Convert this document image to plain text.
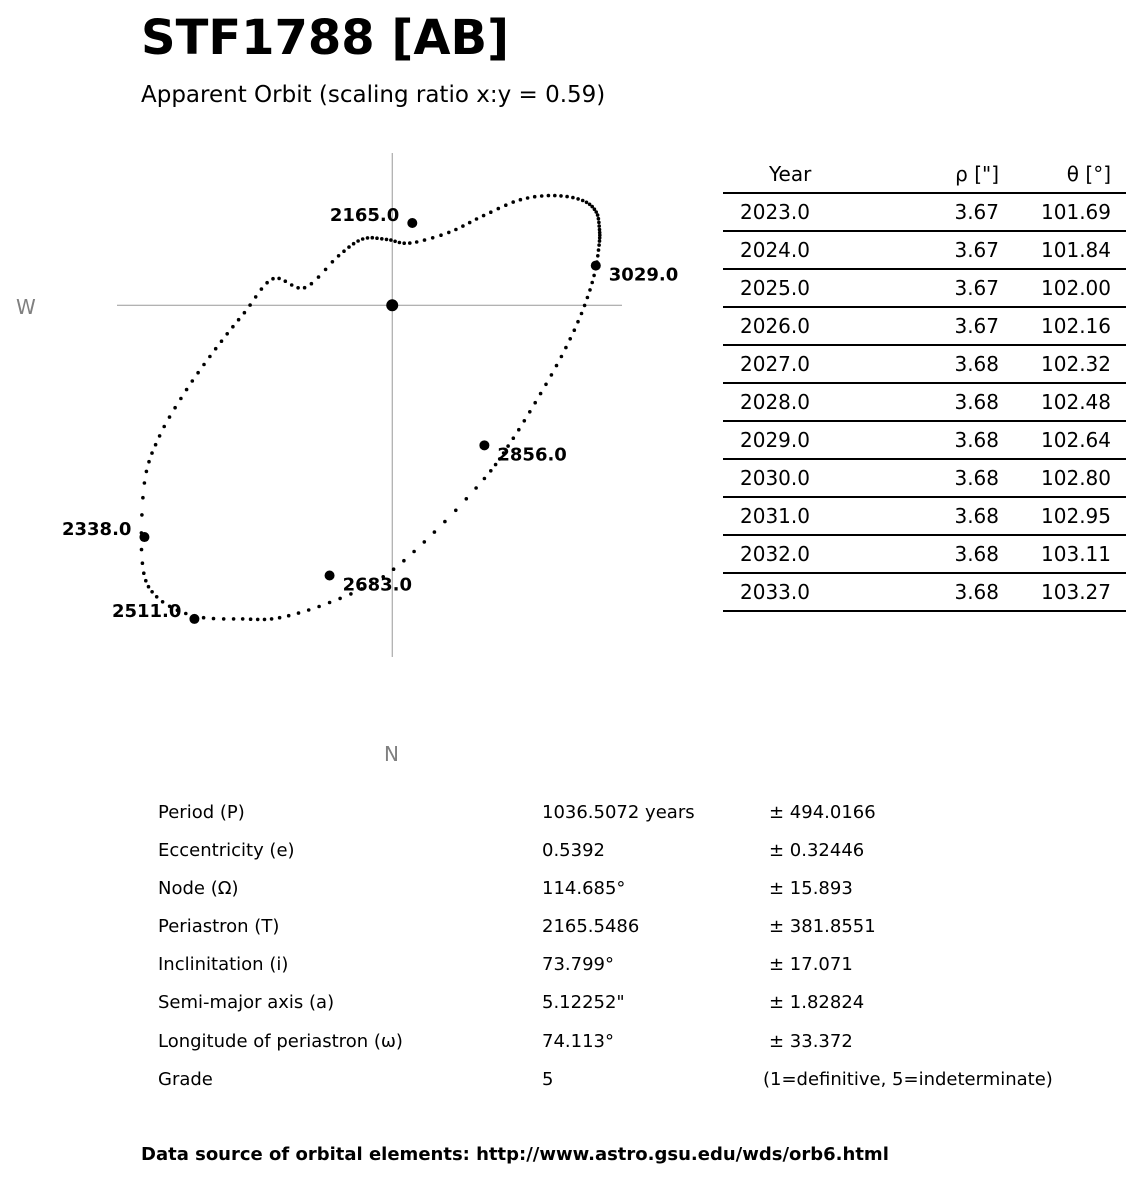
STF1788 [AB]
Apparent Orbit (scaling ratio x:y = 0.59)
2165.0
3029.0
2856.0
2683.0
2511.0
2338.0
W
N
Year	ρ ["]	θ [°]
2023.0	3.67	101.69
2024.0	3.67	101.84
2025.0	3.67	102.00
2026.0	3.67	102.16
2027.0	3.68	102.32
2028.0	3.68	102.48
2029.0	3.68	102.64
2030.0	3.68	102.80
2031.0	3.68	102.95
2032.0	3.68	103.11
2033.0	3.68	103.27
Period (P)	1036.5072 years	± 494.0166
Eccentricity (e)	0.5392	± 0.32446
Node (Ω)	114.685°	± 15.893
Periastron (T)	2165.5486	± 381.8551
Inclinitation (i)	73.799°	± 17.071
Semi-major axis (a)	5.12252"	± 1.82824
Longitude of periastron (ω)	74.113°	± 33.372
Grade	5	(1=definitive, 5=indeterminate)
Data source of orbital elements: http://www.astro.gsu.edu/wds/orb6.html
